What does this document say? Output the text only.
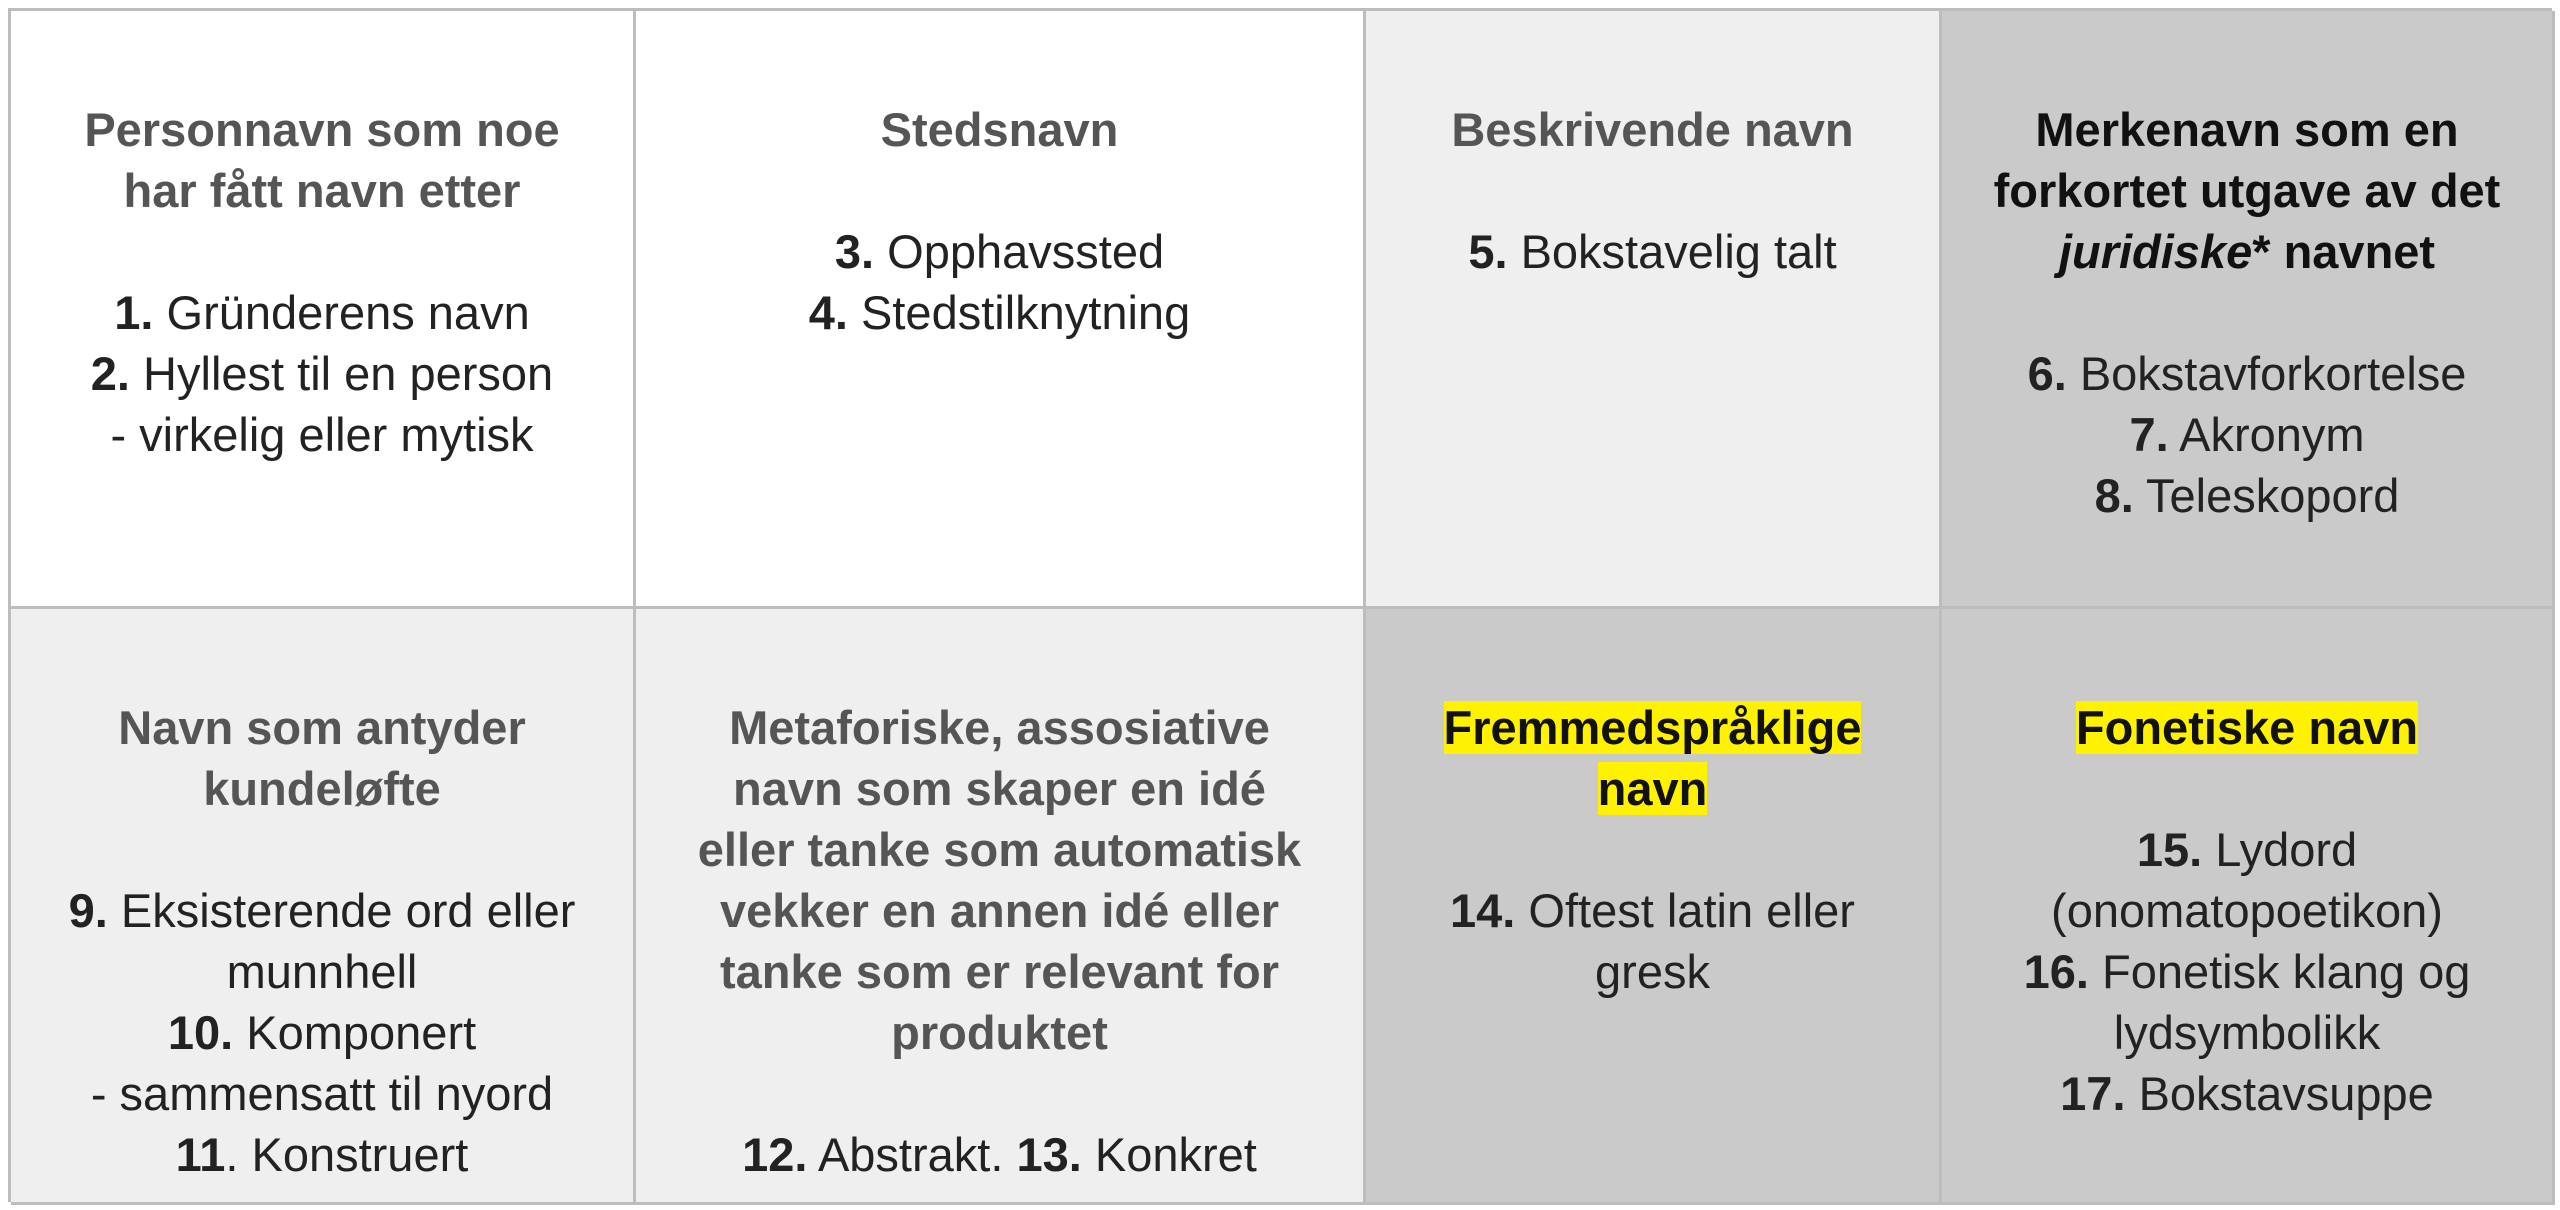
Personnavn som noe
har fått navn etter
1. Gründerens navn
2. Hyllest til en person
- virkelig eller mytisk
Stedsnavn
3. Opphavssted
4. Stedstilknytning
Beskrivende navn
5. Bokstavelig talt
Merkenavn som en
forkortet utgave av det
juridiske* navnet
6. Bokstavforkortelse
7. Akronym
8. Teleskopord
Navn som antyder
kundeløfte
9. Eksisterende ord eller
munnhell
10. Komponert
- sammensatt til nyord
11. Konstruert
Metaforiske, assosiative
navn som skaper en idé
eller tanke som automatisk
vekker en annen idé eller
tanke som er relevant for
produktet
12. Abstrakt. 13. Konkret
Fremmedspråklige
navn
14. Oftest latin eller
gresk
Fonetiske navn
15. Lydord
(onomatopoetikon)
16. Fonetisk klang og
lydsymbolikk
17. Bokstavsuppe
